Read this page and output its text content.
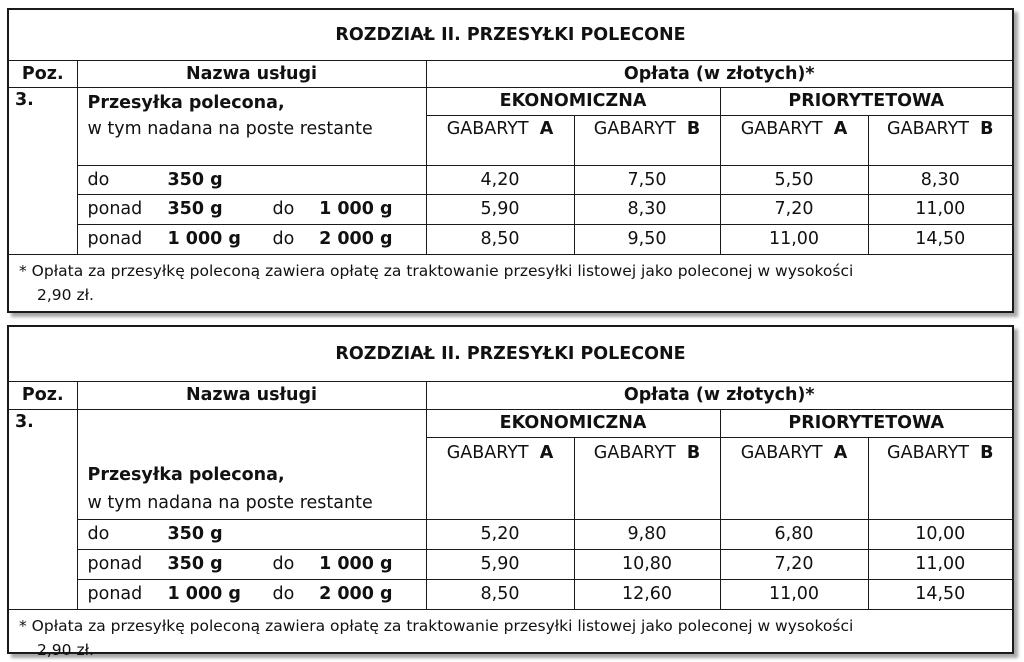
ROZDZIAŁ II. PRZESYŁKI POLECONE					
Poz.	Nazwa usługi	Opłata (w złotych)*			
3.	Przesyłka polecona,
w tym nadana na poste restante	EKONOMICZNA		PRIORYTETOWA	
		GABARYT A	GABARYT B	GABARYT A	GABARYT B

	do 350 g	4,20	7,50	5,50	8,30

	ponad 350 g do 1 000 g	5,90	8,30	7,20	11,00

	ponad 1 000 g do 2 000 g	8,50	9,50	11,00	14,50

* Opłata za przesyłkę poleconą zawiera opłatę za traktowanie przesyłki listowej jako poleconej w wysokości
2,90 zł.					
ROZDZIAŁ II. PRZESYŁKI POLECONE					
Poz.	Nazwa usługi	Opłata (w złotych)*			
3.	Przesyłka polecona,
w tym nadana na poste restante	EKONOMICZNA		PRIORYTETOWA	
		GABARYT A	GABARYT B	GABARYT A	GABARYT B

	do 350 g	5,20	9,80	6,80	10,00

	ponad 350 g do 1 000 g	5,90	10,80	7,20	11,00

	ponad 1 000 g do 2 000 g	8,50	12,60	11,00	14,50

* Opłata za przesyłkę poleconą zawiera opłatę za traktowanie przesyłki listowej jako poleconej w wysokości
2,90 zł.					
